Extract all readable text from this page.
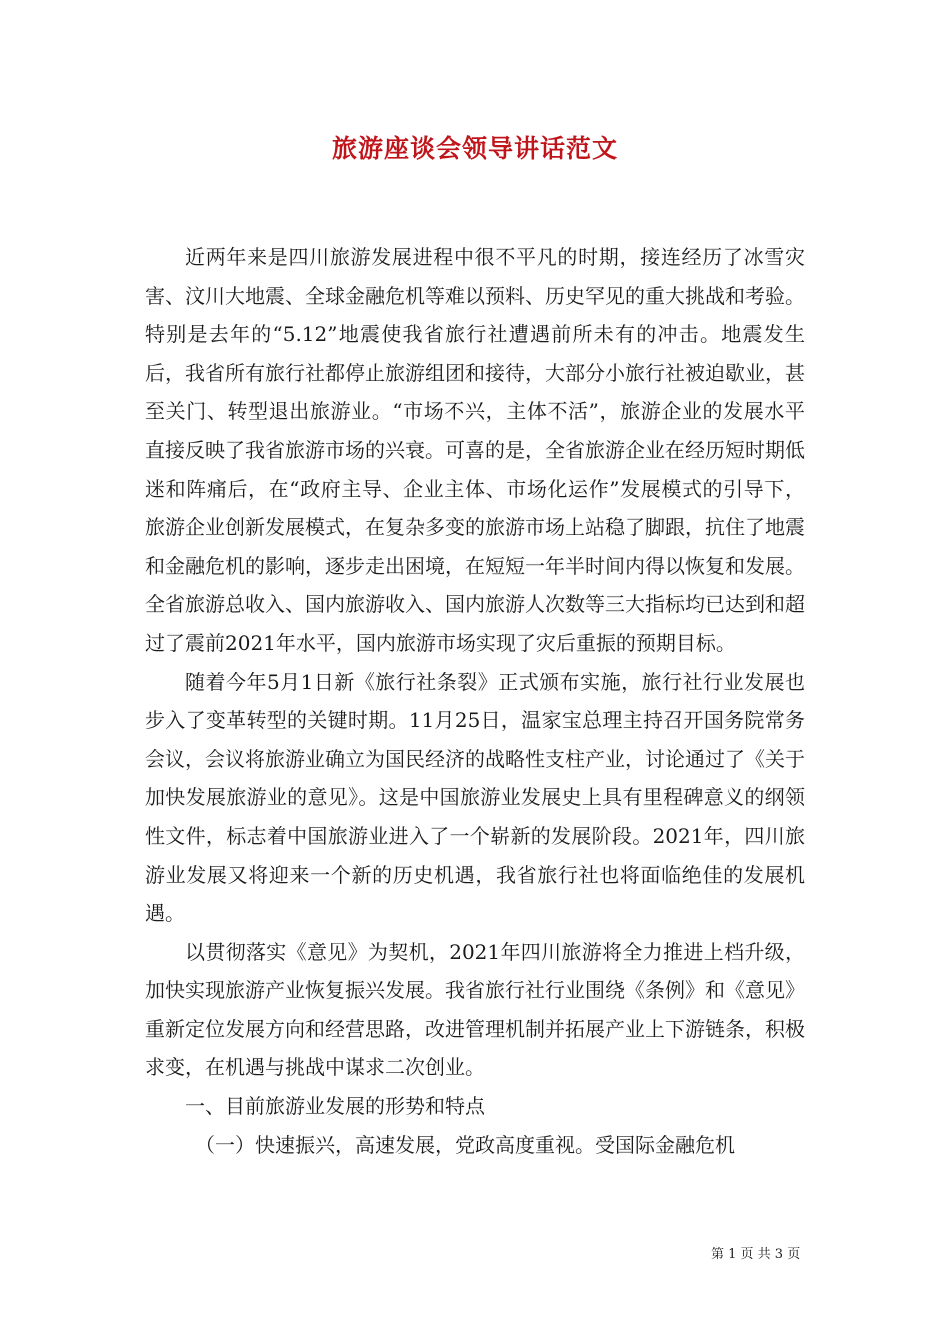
旅游座谈会领导讲话范文

近两年来是四川旅游发展进程中很不平凡的时期，接连经历了冰雪灾害、汶川大地震、全球金融危机等难以预料、历史罕见的重大挑战和考验。特别是去年的“5.12”地震使我省旅行社遭遇前所未有的冲击。地震发生后，我省所有旅行社都停止旅游组团和接待，大部分小旅行社被迫歇业，甚至关门、转型退出旅游业。“市场不兴，主体不活”，旅游企业的发展水平直接反映了我省旅游市场的兴衰。可喜的是，全省旅游企业在经历短时期低迷和阵痛后，在“政府主导、企业主体、市场化运作”发展模式的引导下，旅游企业创新发展模式，在复杂多变的旅游市场上站稳了脚跟，抗住了地震和金融危机的影响，逐步走出困境，在短短一年半时间内得以恢复和发展。全省旅游总收入、国内旅游收入、国内旅游人次数等三大指标均已达到和超过了震前2021年水平，国内旅游市场实现了灾后重振的预期目标。

随着今年5月1日新《旅行社条裂》正式颁布实施，旅行社行业发展也步入了变革转型的关键时期。11月25日，温家宝总理主持召开国务院常务会议，会议将旅游业确立为国民经济的战略性支柱产业，讨论通过了《关于加快发展旅游业的意见》。这是中国旅游业发展史上具有里程碑意义的纲领性文件，标志着中国旅游业进入了一个崭新的发展阶段。2021年，四川旅游业发展又将迎来一个新的历史机遇，我省旅行社也将面临绝佳的发展机遇。

以贯彻落实《意见》为契机，2021年四川旅游将全力推进上档升级，加快实现旅游产业恢复振兴发展。我省旅行社行业围绕《条例》和《意见》重新定位发展方向和经营思路，改进管理机制并拓展产业上下游链条，积极求变，在机遇与挑战中谋求二次创业。

一、目前旅游业发展的形势和特点

（一）快速振兴，高速发展，党政高度重视。受国际金融危机

第 1 页 共 3 页
